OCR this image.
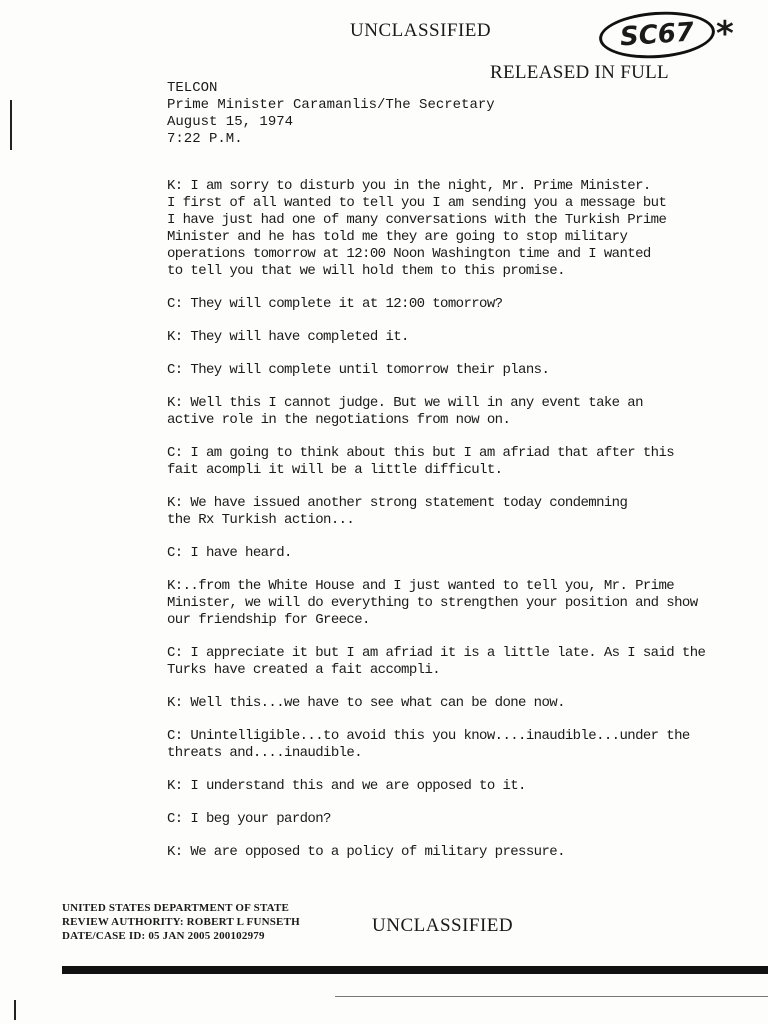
UNCLASSIFIED	SC67 *
RELEASED IN FULL
TELCON
Prime Minister Caramanlis/The Secretary
August 15, 1974
7:22 P.M.

K: I am sorry to disturb you in the night, Mr. Prime Minister.
I first of all wanted to tell you I am sending you a message but
I have just had one of many conversations with the Turkish Prime
Minister and he has told me they are going to stop military
operations tomorrow at 12:00 Noon Washington time and I wanted
to tell you that we will hold them to this promise.

C: They will complete it at 12:00 tomorrow?

K: They will have completed it.

C: They will complete until tomorrow their plans.

K: Well this I cannot judge. But we will in any event take an
active role in the negotiations from now on.

C: I am going to think about this but I am afriad that after this
fait acompli it will be a little difficult.

K: We have issued another strong statement today condemning
the Rx Turkish action...

C: I have heard.

K:..from the White House and I just wanted to tell you, Mr. Prime
Minister, we will do everything to strengthen your position and show
our friendship for Greece.

C: I appreciate it but I am afriad it is a little late. As I said the
Turks have created a fait accompli.

K: Well this...we have to see what can be done now.

C: Unintelligible...to avoid this you know....inaudible...under the
threats and....inaudible.

K: I understand this and we are opposed to it.

C: I beg your pardon?

K: We are opposed to a policy of military pressure.

UNITED STATES DEPARTMENT OF STATE
REVIEW AUTHORITY: ROBERT L FUNSETH
DATE/CASE ID: 05 JAN 2005 200102979	UNCLASSIFIED
